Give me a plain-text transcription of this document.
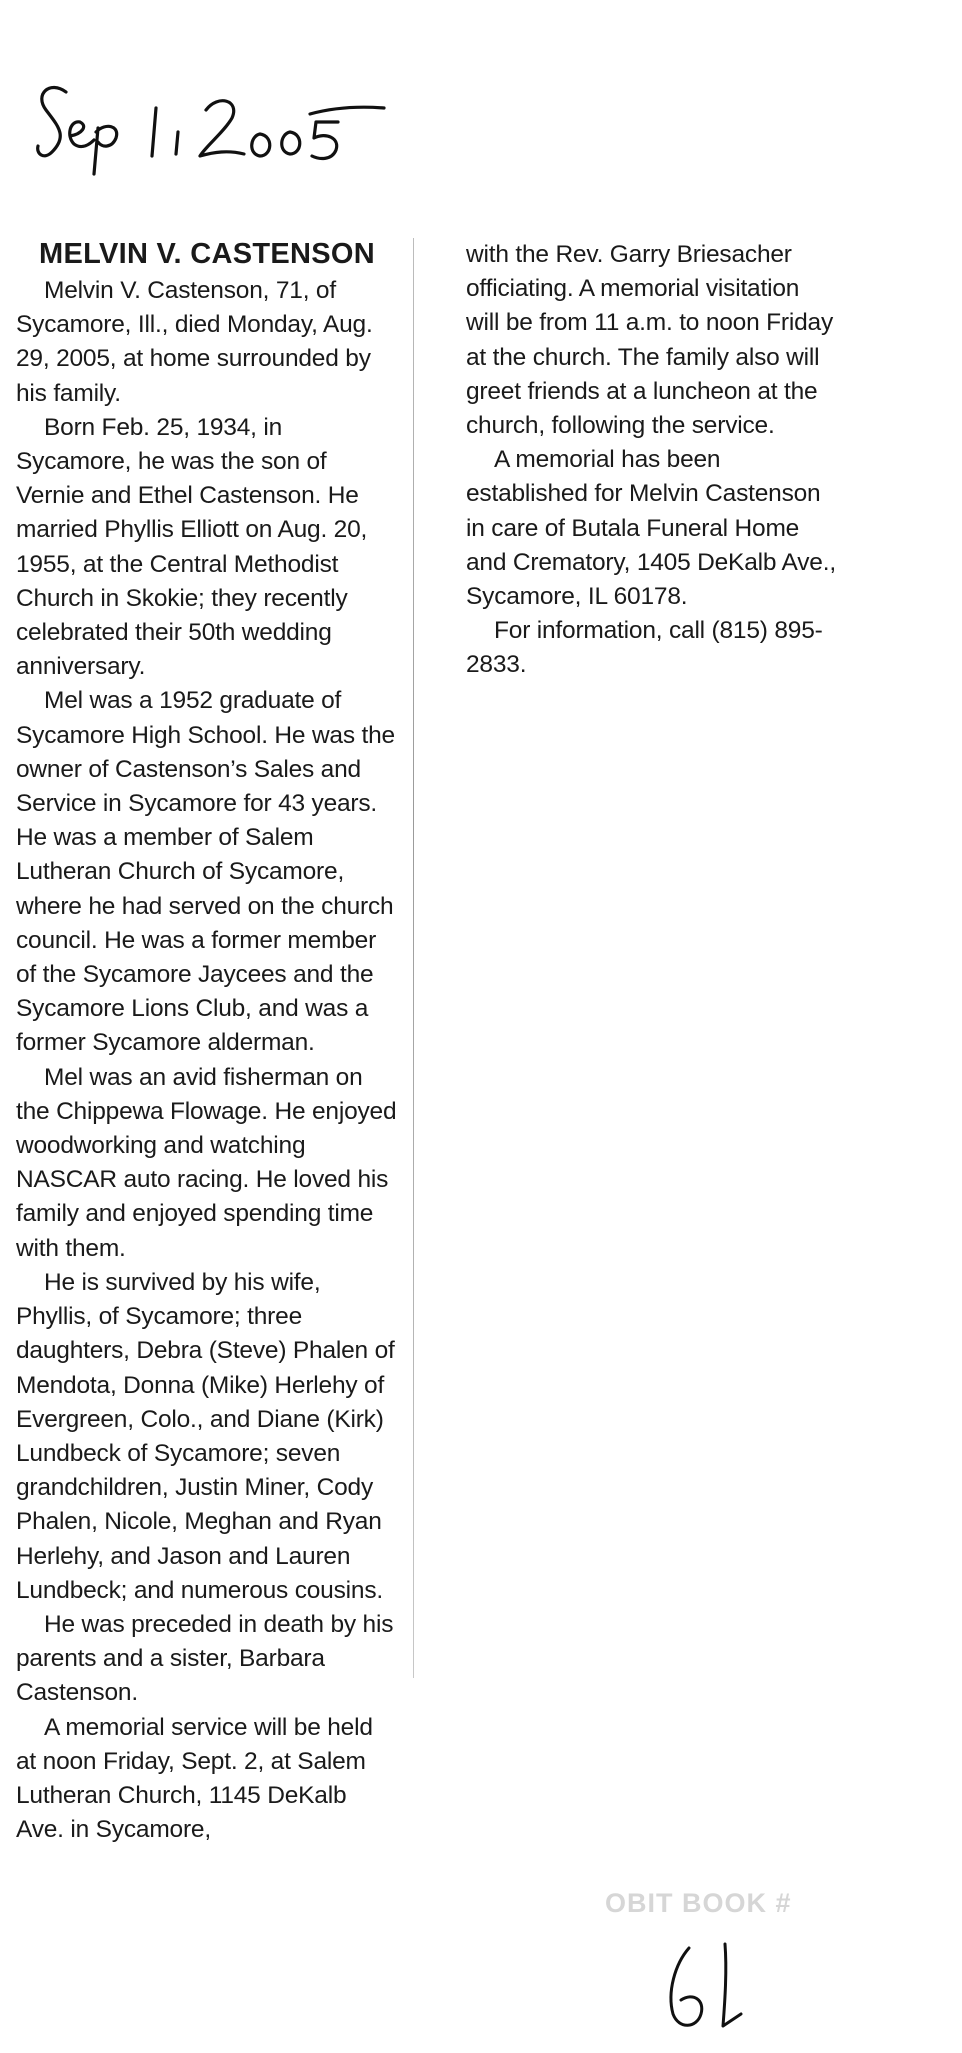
MELVIN V. CASTENSON

Melvin V. Castenson, 71, of Sycamore, Ill., died Monday, Aug. 29, 2005, at home surrounded by his family.

Born Feb. 25, 1934, in Sycamore, he was the son of Vernie and Ethel Castenson. He married Phyllis Elliott on Aug. 20, 1955, at the Central Methodist Church in Skokie; they recently celebrated their 50th wedding anniversary.

Mel was a 1952 graduate of Sycamore High School. He was the owner of Castenson’s Sales and Service in Sycamore for 43 years. He was a member of Salem Lutheran Church of Sycamore, where he had served on the church council. He was a former member of the Sycamore Jaycees and the Sycamore Lions Club, and was a former Sycamore alderman.

Mel was an avid fisherman on the Chippewa Flowage. He enjoyed woodworking and watching NASCAR auto racing. He loved his family and enjoyed spending time with them.

He is survived by his wife, Phyllis, of Sycamore; three daughters, Debra (Steve) Phalen of Mendota, Donna (Mike) Herlehy of Evergreen, Colo., and Diane (Kirk) Lundbeck of Sycamore; seven grandchildren, Justin Miner, Cody Phalen, Nicole, Meghan and Ryan Herlehy, and Jason and Lauren Lundbeck; and numerous cousins.

He was preceded in death by his parents and a sister, Barbara Castenson.

A memorial service will be held at noon Friday, Sept. 2, at Salem Lutheran Church, 1145 DeKalb Ave. in Sycamore,

with the Rev. Garry Briesacher officiating. A memorial visitation will be from 11 a.m. to noon Friday at the church. The family also will greet friends at a luncheon at the church, following the service.

A memorial has been established for Melvin Castenson in care of Butala Funeral Home and Crematory, 1405 DeKalb Ave., Sycamore, IL 60178.

For information, call (815) 895-2833.

OBIT BOOK #
